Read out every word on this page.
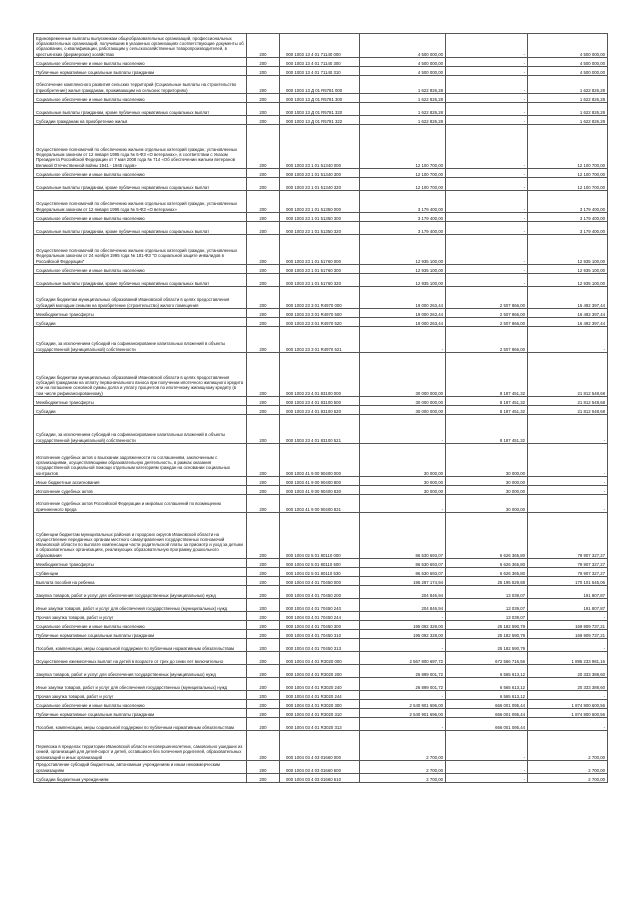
Единовременные выплаты выпускникам общеобразовательных организаций, профессиональных образовательных организаций, получившим в указанных организациях соответствующие документы об образовании, о квалификации, работающим у сельскохозяйственных товаропроизводителей, в крестьянских (фермерских) хозяйствах	200	000 1003 13 4 01 71140 000	4 500 000,00	-	4 500 000,00
Социальное обеспечение и иные выплаты населению	200	000 1003 13 4 01 71140 300	4 500 000,00	-	4 500 000,00
Публичные нормативные социальные выплаты гражданам	200	000 1003 13 4 01 71140 310	4 500 000,00	-	4 500 000,00
Обеспечение комплексного развития сельских территорий (Социальные выплаты на строительство (приобретение) жилья гражданам, проживающим на сельских территориях)	200	000 1003 13 Д 01 R5781 000	1 622 826,28	-	1 622 826,28
Социальное обеспечение и иные выплаты населению	200	000 1003 13 Д 01 R5781 300	1 622 826,28	-	1 622 826,28
Социальные выплаты гражданам, кроме публичных нормативных социальных выплат	200	000 1003 13 Д 01 R5781 320	1 622 826,28	-	1 622 826,28
Субсидии гражданам на приобретение жилья	200	000 1003 13 Д 01 R5781 322	1 622 826,28	-	1 622 826,28
Осуществление полномочий по обеспечению жильем отдельных категорий граждан, установленных Федеральным законом от 12 января 1995 года № 5-ФЗ «О ветеранах», в соответствии с Указом Президента Российской Федерации от 7 мая 2008 года № 714 «Об обеспечении жильем ветеранов Великой Отечественной войны 1941 - 1945 годов»	200	000 1003 23 1 01 51340 000	12 100 700,00	-	12 100 700,00
Социальное обеспечение и иные выплаты населению	200	000 1003 23 1 01 51340 300	12 100 700,00	-	12 100 700,00
Социальные выплаты гражданам, кроме публичных нормативных социальных выплат	200	000 1003 23 1 01 51340 320	12 100 700,00	-	12 100 700,00
Осуществление полномочий по обеспечению жильем отдельных категорий граждан, установленных Федеральным законом от 12 января 1995 года № 5-ФЗ «О ветеранах»	200	000 1003 23 1 01 51350 000	3 179 400,00	-	3 179 400,00
Социальное обеспечение и иные выплаты населению	200	000 1003 23 1 01 51350 300	3 179 400,00	-	3 179 400,00
Социальные выплаты гражданам, кроме публичных нормативных социальных выплат	200	000 1003 23 1 01 51350 320	3 179 400,00	-	3 179 400,00
Осуществление полномочий по обеспечению жильем отдельных категорий граждан, установленных Федеральным законом от 24 ноября 1995 года № 181-ФЗ "О социальной защите инвалидов в Российской Федерации"	200	000 1003 23 1 01 51760 000	12 935 100,00	-	12 935 100,00
Социальное обеспечение и иные выплаты населению	200	000 1003 23 1 01 51760 300	12 935 100,00	-	12 935 100,00
Социальные выплаты гражданам, кроме публичных нормативных социальных выплат	200	000 1003 23 1 01 51760 320	12 935 100,00	-	12 935 100,00
Субсидии бюджетам муниципальных образований Ивановской области в целях предоставления субсидий молодым семьям на приобретение (строительство) жилого помещения	200	000 1003 23 3 01 R4970 000	19 000 263,44	2 507 866,00	16 492 397,44
Межбюджетные трансферты	200	000 1003 23 3 01 R4970 500	19 000 263,44	2 507 866,00	16 492 397,44
Субсидии	200	000 1003 23 3 01 R4970 520	19 000 263,44	2 507 866,00	16 492 397,44
Субсидии, за исключением субсидий на софинансирование капитальных вложений в объекты государственной (муниципальной) собственности	200	000 1003 23 3 01 R4970 521	-	2 507 866,00	-
Субсидии бюджетам муниципальных образований Ивановской области в целях предоставления субсидий гражданам на оплату первоначального взноса при получении ипотечного жилищного кредита или на погашение основной суммы долга и уплату процентов по ипотечному жилищному кредиту (в том числе рефинансированному)	200	000 1003 23 4 01 83100 000	30 000 000,00	8 187 451,32	21 812 548,68
Межбюджетные трансферты	200	000 1003 23 4 01 83100 500	30 000 000,00	8 187 451,32	21 812 548,68
Субсидии	200	000 1003 23 4 01 83100 520	30 000 000,00	8 187 451,32	21 812 548,68
Субсидии, за исключением субсидий на софинансирование капитальных вложений в объекты государственной (муниципальной) собственности	200	000 1003 23 4 01 83100 521	-	8 187 451,32	-
Исполнение судебных актов о взыскании задолженности по соглашениям, заключенным с организациями, осуществляющими образовательную деятельность, в рамках оказания государственной социальной помощи отдельным категориям граждан на основании социальных контрактов	200	000 1003 41 9 00 90400 000	30 000,00	30 000,00	-
Иные бюджетные ассигнования	200	000 1003 41 9 00 90400 800	30 000,00	30 000,00	-
Исполнение судебных актов	200	000 1003 41 9 00 90400 830	30 000,00	30 000,00	-
Исполнение судебных актов Российской Федерации и мировых соглашений по возмещению причиненного вреда	200	000 1003 41 9 00 90400 831	-	30 000,00	-
Субвенции бюджетам муниципальных районов и городских округов Ивановской области на осуществление переданных органам местного самоуправления государственных полномочий Ивановской области по выплате компенсации части родительской платы за присмотр и уход за детьми в образовательных организациях, реализующих образовательную программу дошкольного образования	200	000 1004 02 5 01 80110 000	86 530 693,07	6 626 365,80	79 907 327,27
Межбюджетные трансферты	200	000 1004 02 5 01 80110 500	86 530 693,07	6 626 365,80	79 907 327,27
Субвенции	200	000 1004 02 5 01 80110 530	86 530 693,07	6 626 365,80	79 907 327,27
Выплата пособия на ребенка	200	000 1004 03 4 01 70450 000	195 297 174,94	25 195 529,88	170 101 645,06
Закупка товаров, работ и услуг для обеспечения государственных (муниципальных) нужд	200	000 1004 03 4 01 70450 200	204 846,94	13 039,07	191 807,87
Иные закупки товаров, работ и услуг для обеспечения государственных (муниципальных) нужд	200	000 1004 03 4 01 70450 240	204 846,94	13 039,07	191 807,87
Прочая закупка товаров, работ и услуг	200	000 1004 03 4 01 70450 244	-	13 039,07	-
Социальное обеспечение и иные выплаты населению	200	000 1004 03 4 01 70450 300	195 092 328,00	25 182 590,79	169 909 737,21
Публичные нормативные социальные выплаты гражданам	200	000 1004 03 4 01 70450 310	195 092 328,00	25 182 590,79	169 909 737,21
Пособия, компенсации, меры социальной поддержки по публичным нормативным обязательствам	200	000 1004 03 4 01 70450 313	-	25 182 590,79	-
Осуществление ежемесячных выплат на детей в возрасте от трех до семи лет включительно	200	000 1004 03 4 01 R3020 000	2 567 800 697,72	672 566 716,56	1 895 233 981,16
Закупка товаров, работ и услуг для обеспечения государственных (муниципальных) нужд	200	000 1004 03 4 01 R3020 200	26 899 001,72	6 565 613,12	20 333 388,60
Иные закупки товаров, работ и услуг для обеспечения государственных (муниципальных) нужд	200	000 1004 03 4 01 R3020 240	26 899 001,72	6 565 613,12	20 333 388,60
Прочая закупка товаров, работ и услуг	200	000 1004 03 4 01 R3020 244	-	6 565 613,12	-
Социальное обеспечение и иные выплаты населению	200	000 1004 03 4 01 R3020 300	2 540 901 696,00	666 001 095,44	1 874 900 600,56
Публичные нормативные социальные выплаты гражданам	200	000 1004 03 4 01 R3020 310	2 540 901 696,00	666 001 095,44	1 874 900 600,56
Пособия, компенсации, меры социальной поддержки по публичным нормативным обязательствам	200	000 1004 03 4 01 R3020 313	-	666 001 095,44	-
Перевозка в пределах территории Ивановской области несовершеннолетних, самовольно ушедших из семей, организаций для детей-сирот и детей, оставшихся без попечения родителей, образовательных организаций и иных организаций	200	000 1004 03 4 03 01660 000	2 700,00	-	2 700,00
Предоставление субсидий бюджетным, автономным учреждениям и иным некоммерческим организациям	200	000 1004 03 4 03 01660 600	2 700,00	-	2 700,00
Субсидии бюджетным учреждениям	200	000 1004 03 4 03 01660 610	2 700,00	-	2 700,00
